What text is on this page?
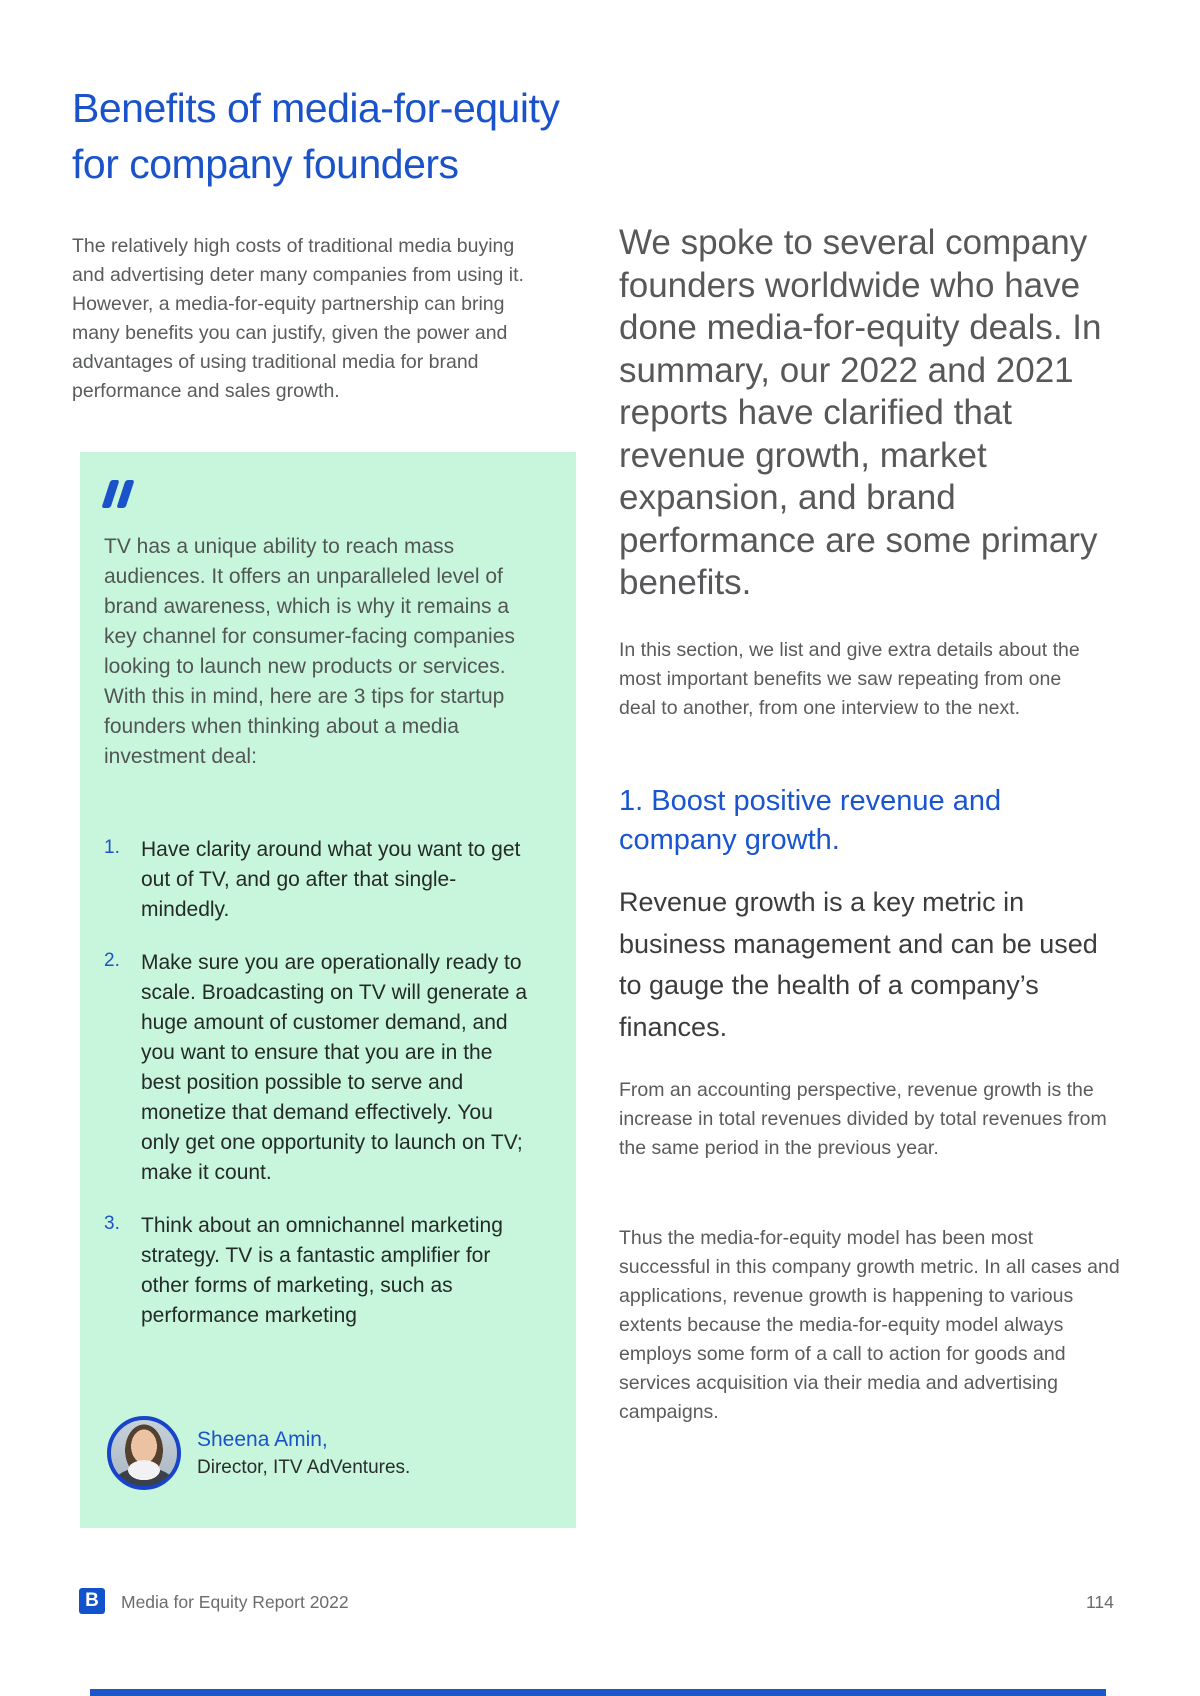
Benefits of media-for-equity
for company founders

The relatively high costs of traditional media buying and advertising deter many companies from using it. However, a media-for-equity partnership can bring many benefits you can justify, given the power and advantages of using traditional media for brand performance and sales growth.

TV has a unique ability to reach mass audiences. It offers an unparalleled level of brand awareness, which is why it remains a key channel for consumer-facing companies looking to launch new products or services. With this in mind, here are 3 tips for startup founders when thinking about a media investment deal:

1.	Have clarity around what you want to get out of TV, and go after that single-mindedly.
2.	Make sure you are operationally ready to scale. Broadcasting on TV will generate a huge amount of customer demand, and you want to ensure that you are in the best position possible to serve and monetize that demand effectively. You only get one opportunity to launch on TV; make it count.
3.	Think about an omnichannel marketing strategy. TV is a fantastic amplifier for other forms of marketing, such as performance marketing
Sheena Amin,
Director, ITV AdVentures.

We spoke to several company founders worldwide who have done media-for-equity deals. In summary, our 2022 and 2021 reports have clarified that revenue growth, market expansion, and brand performance are some primary benefits.

In this section, we list and give extra details about the most important benefits we saw repeating from one deal to another, from one interview to the next.

1. Boost positive revenue and company growth.

Revenue growth is a key metric in business management and can be used to gauge the health of a company’s finances.

From an accounting perspective, revenue growth is the increase in total revenues divided by total revenues from the same period in the previous year.

Thus the media-for-equity model has been most successful in this company growth metric. In all cases and applications, revenue growth is happening to various extents because the media-for-equity model always employs some form of a call to action for goods and services acquisition via their media and advertising campaigns.

B Media for Equity Report 2022	114
